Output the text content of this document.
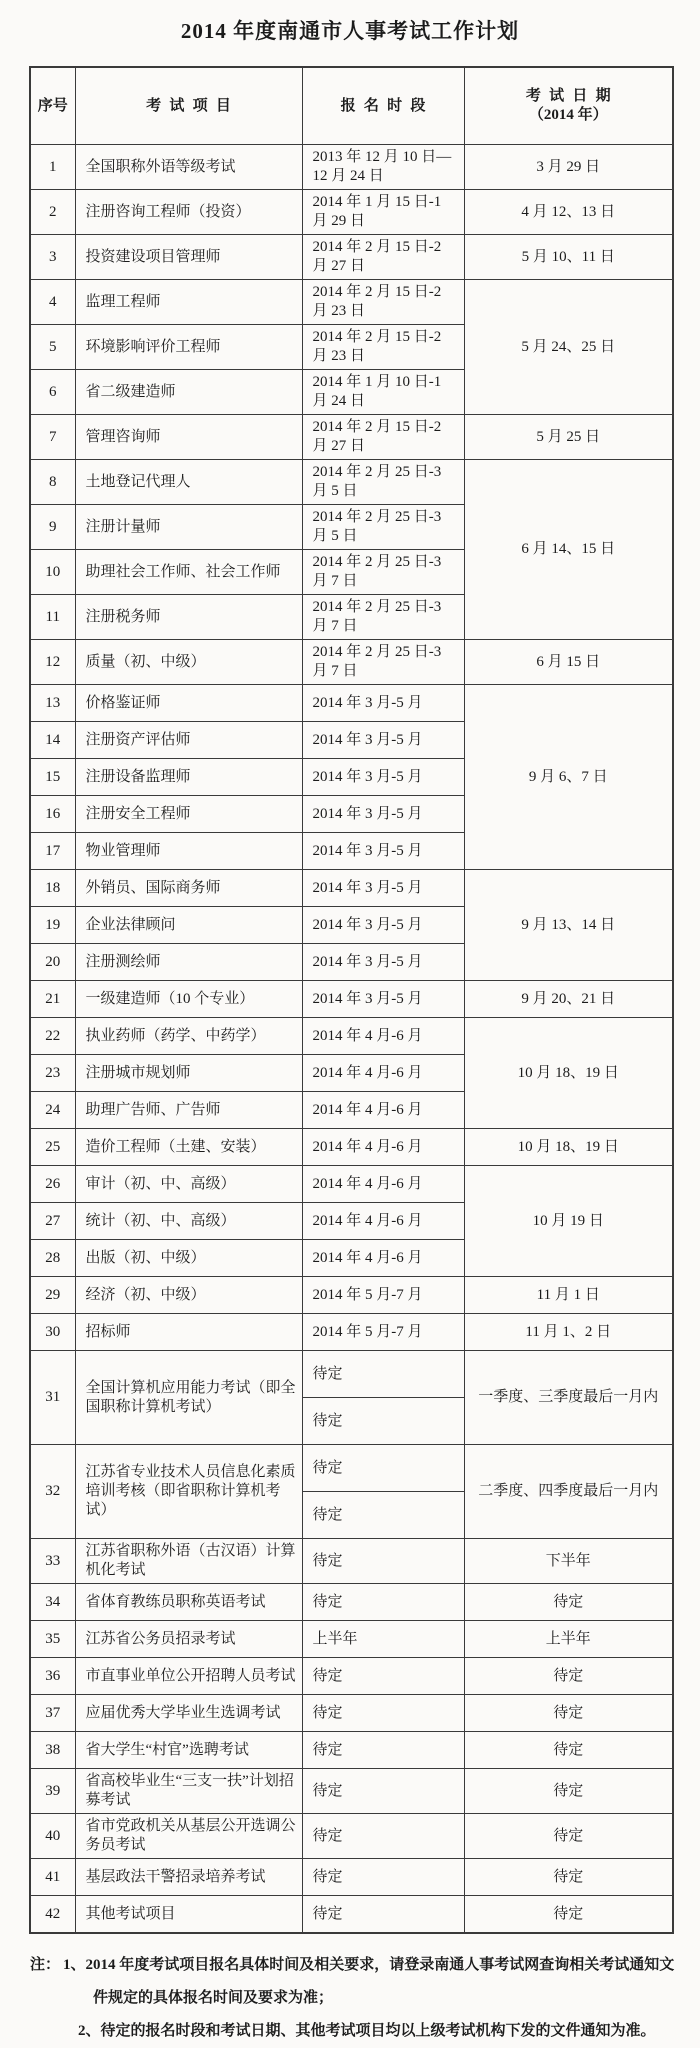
2014 年度南通市人事考试工作计划
序号	考试项目	报名时段	考试日期
（2014 年）

1	全国职称外语等级考试	2013 年 12 月 10 日—12 月 24 日	3 月 29 日
2	注册咨询工程师（投资）	2014 年 1 月 15 日-1 月 29 日	4 月 12、13 日
3	投资建设项目管理师	2014 年 2 月 15 日-2 月 27 日	5 月 10、11 日
4	监理工程师	2014 年 2 月 15 日-2 月 23 日	5 月 24、25 日
5	环境影响评价工程师	2014 年 2 月 15 日-2 月 23 日	
6	省二级建造师	2014 年 1 月 10 日-1 月 24 日	
7	管理咨询师	2014 年 2 月 15 日-2 月 27 日	5 月 25 日
8	土地登记代理人	2014 年 2 月 25 日-3 月 5 日	6 月 14、15 日
9	注册计量师	2014 年 2 月 25 日-3 月 5 日	
10	助理社会工作师、社会工作师	2014 年 2 月 25 日-3 月 7 日	
11	注册税务师	2014 年 2 月 25 日-3 月 7 日	
12	质量（初、中级）	2014 年 2 月 25 日-3 月 7 日	6 月 15 日
13	价格鉴证师	2014 年 3 月-5 月	9 月 6、7 日
14	注册资产评估师	2014 年 3 月-5 月	
15	注册设备监理师	2014 年 3 月-5 月	
16	注册安全工程师	2014 年 3 月-5 月	
17	物业管理师	2014 年 3 月-5 月	
18	外销员、国际商务师	2014 年 3 月-5 月	9 月 13、14 日
19	企业法律顾问	2014 年 3 月-5 月	
20	注册测绘师	2014 年 3 月-5 月	
21	一级建造师（10 个专业）	2014 年 3 月-5 月	9 月 20、21 日
22	执业药师（药学、中药学）	2014 年 4 月-6 月	10 月 18、19 日
23	注册城市规划师	2014 年 4 月-6 月	
24	助理广告师、广告师	2014 年 4 月-6 月	
25	造价工程师（土建、安装）	2014 年 4 月-6 月	10 月 18、19 日
26	审计（初、中、高级）	2014 年 4 月-6 月	10 月 19 日
27	统计（初、中、高级）	2014 年 4 月-6 月	
28	出版（初、中级）	2014 年 4 月-6 月	
29	经济（初、中级）	2014 年 5 月-7 月	11 月 1 日
30	招标师	2014 年 5 月-7 月	11 月 1、2 日
31	全国计算机应用能力考试（即全国职称计算机考试）	待定	一季度、三季度最后一月内
		待定	
32	江苏省专业技术人员信息化素质培训考核（即省职称计算机考试）	待定	二季度、四季度最后一月内
		待定	
33	江苏省职称外语（古汉语）计算机化考试	待定	下半年
34	省体育教练员职称英语考试	待定	待定
35	江苏省公务员招录考试	上半年	上半年
36	市直事业单位公开招聘人员考试	待定	待定
37	应届优秀大学毕业生选调考试	待定	待定
38	省大学生“村官”选聘考试	待定	待定
39	省高校毕业生“三支一扶”计划招募考试	待定	待定
40	省市党政机关从基层公开选调公务员考试	待定	待定
41	基层政法干警招录培养考试	待定	待定
42	其他考试项目	待定	待定
注： 1、2014 年度考试项目报名具体时间及相关要求，请登录南通人事考试网查询相关考试通知文件规定的具体报名时间及要求为准；
2、待定的报名时段和考试日期、其他考试项目均以上级考试机构下发的文件通知为准。
